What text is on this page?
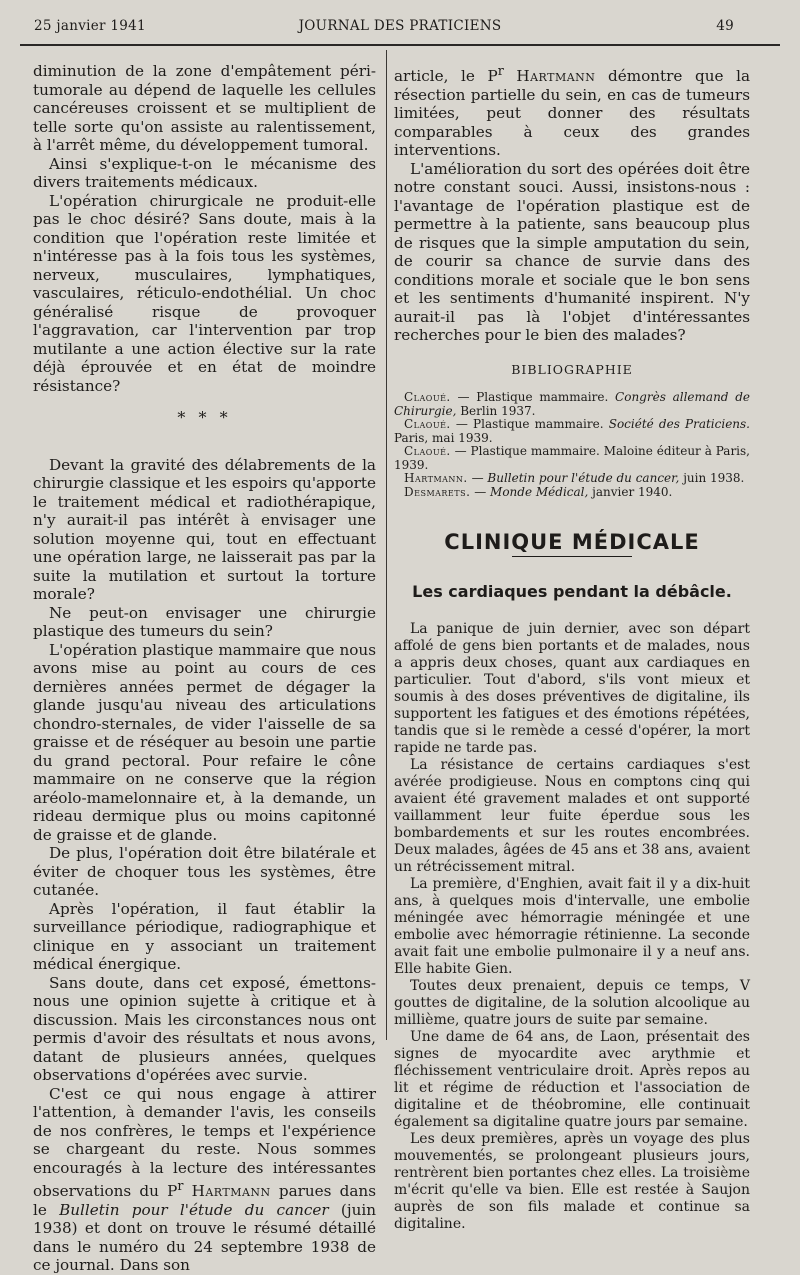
25 janvier 1941	JOURNAL DES PRATICIENS	49

diminution de la zone d'empâtement péri-tumorale au dépend de laquelle les cellules cancéreuses croissent et se multiplient de telle sorte qu'on assiste au ralentissement, à l'arrêt même, du développement tumoral.

Ainsi s'explique-t-on le mécanisme des divers traitements médicaux.

L'opération chirurgicale ne produit-elle pas le choc désiré? Sans doute, mais à la condition que l'opération reste limitée et n'intéresse pas à la fois tous les systèmes, nerveux, musculaires, lymphatiques, vasculaires, réticulo-endothélial. Un choc généralisé risque de provoquer l'aggravation, car l'intervention par trop mutilante a une action élective sur la rate déjà éprouvée et en état de moindre résistance?

* * *

Devant la gravité des délabrements de la chirurgie classique et les espoirs qu'apporte le traitement médical et radiothérapique, n'y aurait-il pas intérêt à envisager une solution moyenne qui, tout en effectuant une opération large, ne laisserait pas par la suite la mutilation et surtout la torture morale?

Ne peut-on envisager une chirurgie plastique des tumeurs du sein?

L'opération plastique mammaire que nous avons mise au point au cours de ces dernières années permet de dégager la glande jusqu'au niveau des articulations chondro-sternales, de vider l'aisselle de sa graisse et de réséquer au besoin une partie du grand pectoral. Pour refaire le cône mammaire on ne conserve que la région aréolo-mamelonnaire et, à la demande, un rideau dermique plus ou moins capitonné de graisse et de glande.

De plus, l'opération doit être bilatérale et éviter de choquer tous les systèmes, être cutanée.

Après l'opération, il faut établir la surveillance périodique, radiographique et clinique en y associant un traitement médical énergique.

Sans doute, dans cet exposé, émettons-nous une opinion sujette à critique et à discussion. Mais les circonstances nous ont permis d'avoir des résultats et nous avons, datant de plusieurs années, quelques observations d'opérées avec survie.

C'est ce qui nous engage à attirer l'attention, à demander l'avis, les conseils de nos confrères, le temps et l'expérience se chargeant du reste. Nous sommes encouragés à la lecture des intéressantes observations du $P^r$ Hartmann parues dans le Bulletin pour l'étude du cancer (juin 1938) et dont on trouve le résumé détaillé dans le numéro du 24 septembre 1938 de ce journal. Dans son

article, le $P^r$ Hartmann démontre que la résection partielle du sein, en cas de tumeurs limitées, peut donner des résultats comparables à ceux des grandes interventions.

L'amélioration du sort des opérées doit être notre constant souci. Aussi, insistons-nous : l'avantage de l'opération plastique est de permettre à la patiente, sans beaucoup plus de risques que la simple amputation du sein, de courir sa chance de survie dans des conditions morale et sociale que le bon sens et les sentiments d'humanité inspirent. N'y aurait-il pas là l'objet d'intéressantes recherches pour le bien des malades?

BIBLIOGRAPHIE

Claoué. — Plastique mammaire. Congrès allemand de Chirurgie, Berlin 1937.

Claoué. — Plastique mammaire. Société des Praticiens. Paris, mai 1939.

Claoué. — Plastique mammaire. Maloine éditeur à Paris, 1939.

Hartmann. — Bulletin pour l'étude du cancer, juin 1938.

Desmarets. — Monde Médical, janvier 1940.

CLINIQUE MÉDICALE
Les cardiaques pendant la débâcle.

La panique de juin dernier, avec son départ affolé de gens bien portants et de malades, nous a appris deux choses, quant aux cardiaques en particulier. Tout d'abord, s'ils vont mieux et soumis à des doses préventives de digitaline, ils supportent les fatigues et des émotions répétées, tandis que si le remède a cessé d'opérer, la mort rapide ne tarde pas.

La résistance de certains cardiaques s'est avérée prodigieuse. Nous en comptons cinq qui avaient été gravement malades et ont supporté vaillamment leur fuite éperdue sous les bombardements et sur les routes encombrées. Deux malades, âgées de 45 ans et 38 ans, avaient un rétrécissement mitral.

La première, d'Enghien, avait fait il y a dix-huit ans, à quelques mois d'intervalle, une embolie méningée avec hémorragie méningée et une embolie avec hémorragie rétinienne. La seconde avait fait une embolie pulmonaire il y a neuf ans. Elle habite Gien.

Toutes deux prenaient, depuis ce temps, V gouttes de digitaline, de la solution alcoolique au millième, quatre jours de suite par semaine.

Une dame de 64 ans, de Laon, présentait des signes de myocardite avec arythmie et fléchissement ventriculaire droit. Après repos au lit et régime de réduction et l'association de digitaline et de théobromine, elle continuait également sa digitaline quatre jours par semaine.

Les deux premières, après un voyage des plus mouvementés, se prolongeant plusieurs jours, rentrèrent bien portantes chez elles. La troisième m'écrit qu'elle va bien. Elle est restée à Saujon auprès de son fils malade et continue sa digitaline.
